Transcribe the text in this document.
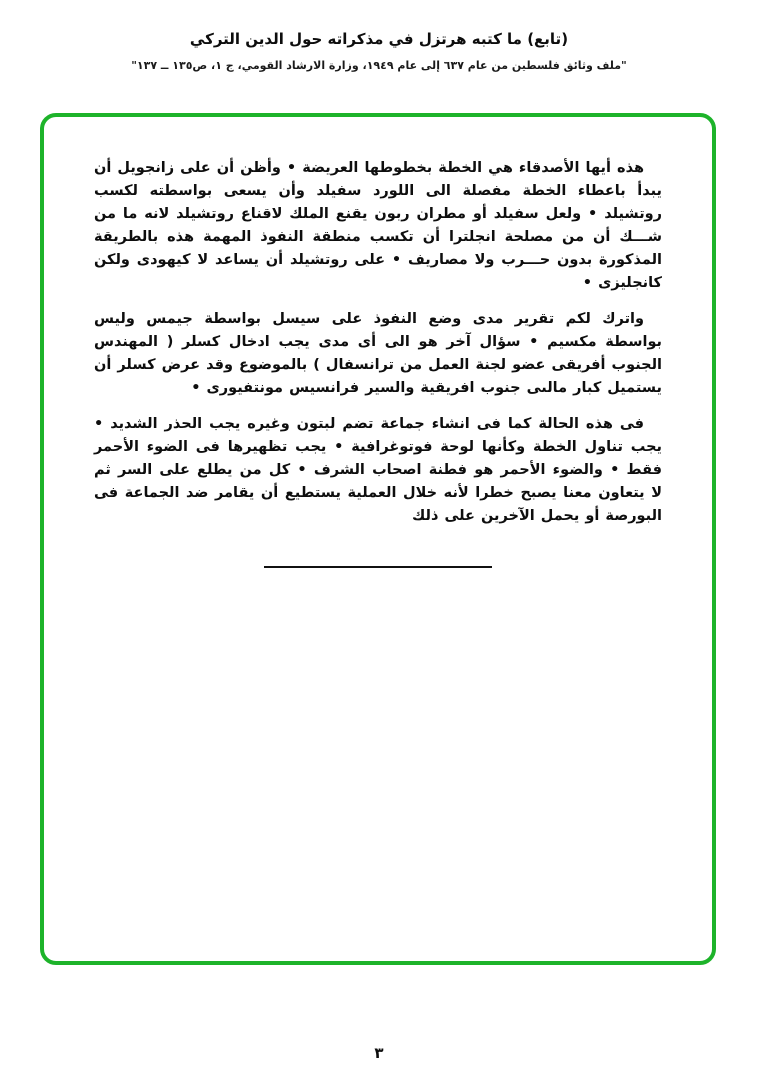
(تابع) ما كتبه هرتزل في مذكراته حول الدين التركي
"ملف وثائق فلسطين من عام ٦٣٧ إلى عام ١٩٤٩، وزارة الارشاد القومي، ج ١، ص١٣٥ ــ ١٣٧"

هذه أيها الأصدقاء هي الخطة بخطوطها العريضة • وأظن أن على زانجويل أن يبدأ باعطاء الخطة مفصلة الى اللورد سفيلد وأن يسعى بواسطته لكسب روتشيلد • ولعل سفيلد أو مطران ربون يقنع الملك لاقناع روتشيلد لانه ما من شـــك أن من مصلحة انجلترا أن تكسب منطقة النفوذ المهمة هذه بالطريقة المذكورة بدون حـــرب ولا مصاريف • على روتشيلد أن يساعد لا كيهودى ولكن كانجليزى •

واترك لكم تقرير مدى وضع النفوذ على سيسل بواسطة جيمس وليس بواسطة مكسيم • سؤال آخر هو الى أى مدى يجب ادخال كسلر ( المهندس الجنوب أفريقى عضو لجنة العمل من ترانسفال ) بالموضوع وقد عرض كسلر أن يستميل كبار مالىى جنوب افريقية والسير فرانسيس مونتفيورى •

فى هذه الحالة كما فى انشاء جماعة تضم لبتون وغيره يجب الحذر الشديد • يجب تناول الخطة وكأنها لوحة فوتوغرافية • يجب تظهيرها فى الضوء الأحمر فقط • والضوء الأحمر هو فطنة اصحاب الشرف • كل من يطلع على السر ثم لا يتعاون معنا يصبح خطرا لأنه خلال العملية يستطيع أن يقامر ضد الجماعة فى البورصة أو يحمل الآخرين على ذلك

٣
